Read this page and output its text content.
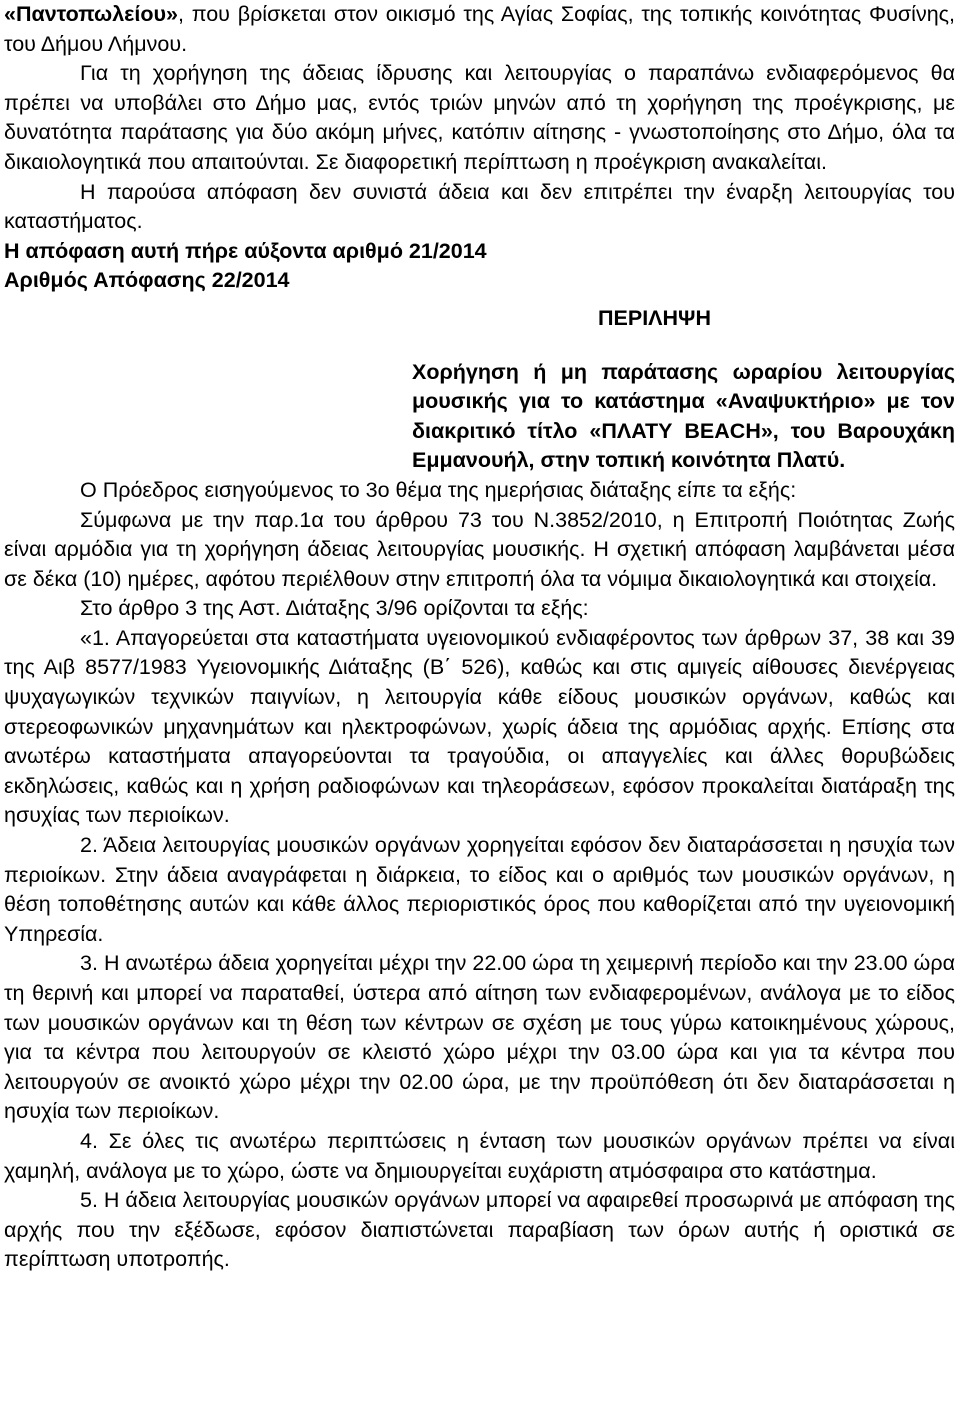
«Παντοπωλείου», που βρίσκεται στον οικισμό της Αγίας Σοφίας, της τοπικής κοινότητας Φυσίνης, του Δήμου Λήμνου.

Για τη χορήγηση της άδειας ίδρυσης και λειτουργίας ο παραπάνω ενδιαφερόμενος θα πρέπει να υποβάλει στο Δήμο μας, εντός τριών μηνών από τη χορήγηση της προέγκρισης, με δυνατότητα παράτασης για δύο ακόμη μήνες, κατόπιν αίτησης - γνωστοποίησης στο Δήμο, όλα τα δικαιολογητικά που απαιτούνται. Σε διαφορετική περίπτωση η προέγκριση ανακαλείται.

Η παρούσα απόφαση δεν συνιστά άδεια και δεν επιτρέπει την έναρξη λειτουργίας του καταστήματος.

Η απόφαση αυτή πήρε αύξοντα αριθμό 21/2014

Αριθμός Απόφασης 22/2014

ΠΕΡΙΛΗΨΗ
Χορήγηση ή μη παράτασης ωραρίου λειτουργίας μουσικής για το κατάστημα «Αναψυκτήριο» με τον διακριτικό τίτλο «ΠΛΑΤΥ BEACH», του Βαρουχάκη
Εμμανουήλ, στην τοπική κοινότητα Πλατύ.

Ο Πρόεδρος εισηγούμενος το 3ο θέμα της ημερήσιας διάταξης είπε τα εξής:

Σύμφωνα με την παρ.1α του άρθρου 73 του Ν.3852/2010, η Επιτροπή Ποιότητας Ζωής είναι αρμόδια για τη χορήγηση άδειας λειτουργίας μουσικής. Η σχετική απόφαση λαμβάνεται μέσα σε δέκα (10) ημέρες, αφότου περιέλθουν στην επιτροπή όλα τα νόμιμα δικαιολογητικά και στοιχεία.

Στο άρθρο 3 της Αστ. Διάταξης 3/96 ορίζονται τα εξής:

«1. Απαγορεύεται στα καταστήματα υγειονομικού ενδιαφέροντος των άρθρων 37, 38 και 39 της Αιβ 8577/1983 Υγειονομικής Διάταξης (Β΄ 526), καθώς και στις αμιγείς αίθουσες διενέργειας ψυχαγωγικών τεχνικών παιγνίων, η λειτουργία κάθε είδους μουσικών οργάνων, καθώς και στερεοφωνικών μηχανημάτων και ηλεκτροφώνων, χωρίς άδεια της αρμόδιας αρχής. Επίσης στα ανωτέρω καταστήματα απαγορεύονται τα τραγούδια, οι απαγγελίες και άλλες θορυβώδεις εκδηλώσεις, καθώς και η χρήση ραδιοφώνων και τηλεοράσεων, εφόσον προκαλείται διατάραξη της ησυχίας των περιοίκων.

2. Άδεια λειτουργίας μουσικών οργάνων χορηγείται εφόσον δεν διαταράσσεται η ησυχία των περιοίκων. Στην άδεια αναγράφεται η διάρκεια, το είδος και ο αριθμός των μουσικών οργάνων, η θέση τοποθέτησης αυτών και κάθε άλλος περιοριστικός όρος που καθορίζεται από την υγειονομική Υπηρεσία.

3. Η ανωτέρω άδεια χορηγείται μέχρι την 22.00 ώρα τη χειμερινή περίοδο και την 23.00 ώρα τη θερινή και μπορεί να παραταθεί, ύστερα από αίτηση των ενδιαφερομένων, ανάλογα με το είδος των μουσικών οργάνων και τη θέση των κέντρων σε σχέση με τους γύρω κατοικημένους χώρους, για τα κέντρα που λειτουργούν σε κλειστό χώρο μέχρι την 03.00 ώρα και για τα κέντρα που λειτουργούν σε ανοικτό χώρο μέχρι την 02.00 ώρα, με την προϋπόθεση ότι δεν διαταράσσεται η ησυχία των περιοίκων.

4. Σε όλες τις ανωτέρω περιπτώσεις η ένταση των μουσικών οργάνων πρέπει να είναι χαμηλή, ανάλογα με το χώρο, ώστε να δημιουργείται ευχάριστη ατμόσφαιρα στο κατάστημα.

5. Η άδεια λειτουργίας μουσικών οργάνων μπορεί να αφαιρεθεί προσωρινά με απόφαση της αρχής που την εξέδωσε, εφόσον διαπιστώνεται παραβίαση των όρων αυτής ή οριστικά σε περίπτωση υποτροπής.
